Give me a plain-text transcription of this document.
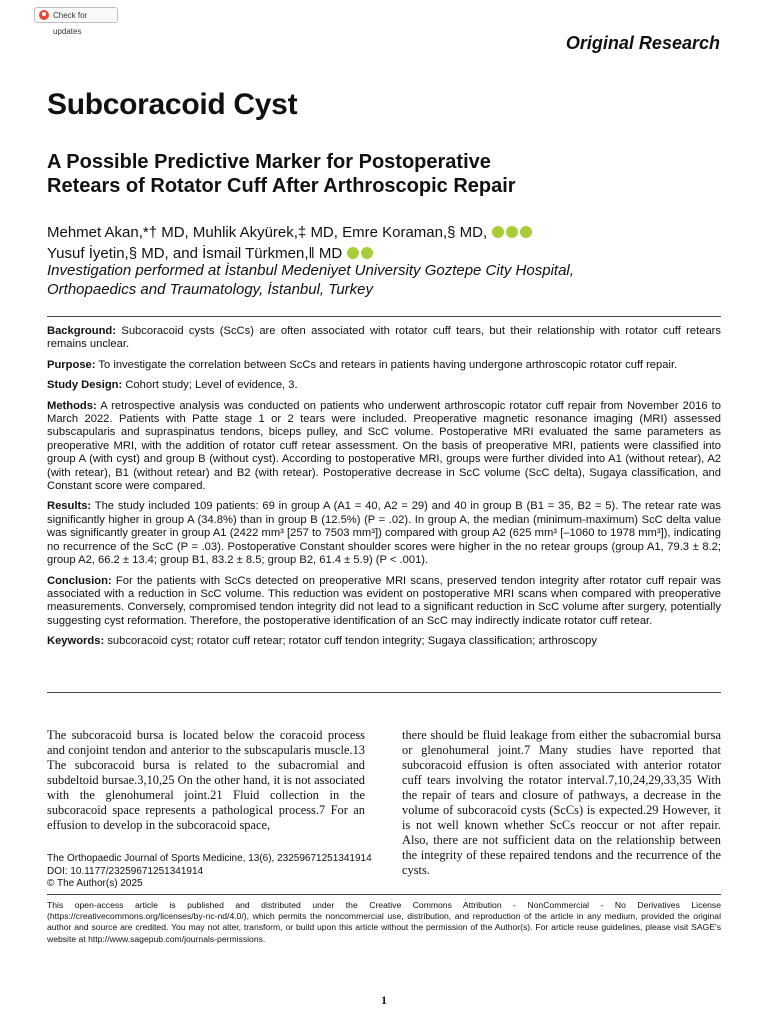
Check for updates
Original Research
Subcoracoid Cyst
A Possible Predictive Marker for Postoperative
Retears of Rotator Cuff After Arthroscopic Repair
Mehmet Akan,*† MD, Muhlik Akyürek,‡ MD, Emre Koraman,§ MD,
Yusuf İyetin,§ MD, and İsmail Türkmen,‖ MD
Investigation performed at İstanbul Medeniyet University Goztepe City Hospital,
Orthopaedics and Traumatology, İstanbul, Turkey

Background: Subcoracoid cysts (ScCs) are often associated with rotator cuff tears, but their relationship with rotator cuff retears remains unclear.

Purpose: To investigate the correlation between ScCs and retears in patients having undergone arthroscopic rotator cuff repair.

Study Design: Cohort study; Level of evidence, 3.

Methods: A retrospective analysis was conducted on patients who underwent arthroscopic rotator cuff repair from November 2016 to March 2022. Patients with Patte stage 1 or 2 tears were included. Preoperative magnetic resonance imaging (MRI) assessed subscapularis and supraspinatus tendons, biceps pulley, and ScC volume. Postoperative MRI evaluated the same parameters as preoperative MRI, with the addition of rotator cuff retear assessment. On the basis of preoperative MRI, patients were classified into group A (with cyst) and group B (without cyst). According to postoperative MRI, groups were further divided into A1 (without retear), A2 (with retear), B1 (without retear) and B2 (with retear). Postoperative decrease in ScC volume (ScC delta), Sugaya classification, and Constant score were compared.

Results: The study included 109 patients: 69 in group A (A1 = 40, A2 = 29) and 40 in group B (B1 = 35, B2 = 5). The retear rate was significantly higher in group A (34.8%) than in group B (12.5%) (P = .02). In group A, the median (minimum-maximum) ScC delta value was significantly greater in group A1 (2422 mm³ [257 to 7503 mm³]) compared with group A2 (625 mm³ [–1060 to 1978 mm³]), indicating no recurrence of the ScC (P = .03). Postoperative Constant shoulder scores were higher in the no retear groups (group A1, 79.3 ± 8.2; group A2, 66.2 ± 13.4; group B1, 83.2 ± 8.5; group B2, 61.4 ± 5.9) (P < .001).

Conclusion: For the patients with ScCs detected on preoperative MRI scans, preserved tendon integrity after rotator cuff repair was associated with a reduction in ScC volume. This reduction was evident on postoperative MRI scans when compared with preoperative measurements. Conversely, compromised tendon integrity did not lead to a significant reduction in ScC volume after surgery, potentially suggesting cyst reformation. Therefore, the postoperative identification of an ScC may indirectly indicate rotator cuff retear.

Keywords: subcoracoid cyst; rotator cuff retear; rotator cuff tendon integrity; Sugaya classification; arthroscopy

The subcoracoid bursa is located below the coracoid process and conjoint tendon and anterior to the subscapularis muscle.13 The subcoracoid bursa is related to the subacromial and subdeltoid bursae.3,10,25 On the other hand, it is not associated with the glenohumeral joint.21 Fluid collection in the subcoracoid space represents a pathological process.7 For an effusion to develop in the subcoracoid space,

there should be fluid leakage from either the subacromial bursa or glenohumeral joint.7 Many studies have reported that subcoracoid effusion is often associated with anterior rotator cuff tears involving the rotator interval.7,10,24,29,33,35 With the repair of tears and closure of pathways, a decrease in the volume of subcoracoid cysts (ScCs) is expected.29 However, it is not well known whether ScCs reoccur or not after repair. Also, there are not sufficient data on the relationship between the integrity of these repaired tendons and the recurrence of the cysts.

The Orthopaedic Journal of Sports Medicine, 13(6), 23259671251341914
DOI: 10.1177/23259671251341914
© The Author(s) 2025
This open-access article is published and distributed under the Creative Commons Attribution - NonCommercial - No Derivatives License (https://creativecommons.org/licenses/by-nc-nd/4.0/), which permits the noncommercial use, distribution, and reproduction of the article in any medium, provided the original author and source are credited. You may not alter, transform, or build upon this article without the permission of the Author(s). For article reuse guidelines, please visit SAGE's website at http://www.sagepub.com/journals-permissions.
1
